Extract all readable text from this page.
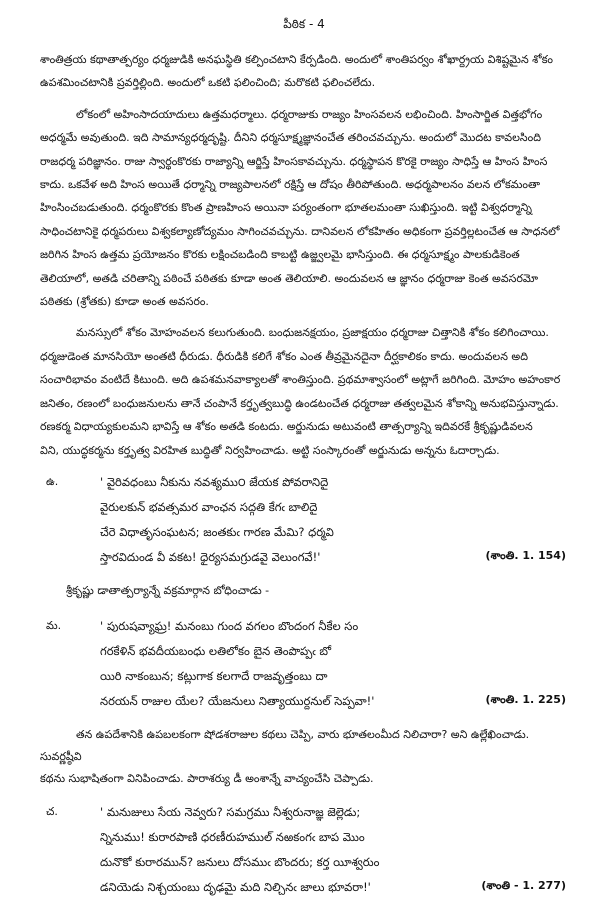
పీఠిక - 4
శాంతిత్రయ కథాతాత్పర్యం ధర్మజుడికి అనఘస్థితి కల్పించటాని కేర్పడింది. అందులో శాంతిపర్వం శోఖార్ద్రయ విశిష్టమైన శోకం
ఉపశమించటానికి ప్రవర్తిల్లింది. అందులో ఒకటి ఫలించింది; మరొకటి ఫలించలేదు.
లోకంలో అహింసాదయాదులు ఉత్తమధర్మాలు. ధర్మరాజుకు రాజ్యం హింసవలన లభించింది. హింసార్జిత విత్తభోగం
అధర్మమే అవుతుంది. ఇది సామాన్యధర్మదృష్టి. దీనిని ధర్మసూక్ష్మజ్ఞానంచేత తరించవచ్చును. అందులో మొదట కావలసింది
రాజధర్మ పరిజ్ఞానం. రాజు స్వార్థంకొరకు రాజ్యాన్ని ఆర్జిస్తే హింసకావచ్చును. ధర్మస్థాపన కొరకై రాజ్యం సాధిస్తే ఆ హింస హింస
కాదు. ఒకవేళ అది హింస అయితే ధర్మాన్ని రాజ్యపాలనలో రక్షిస్తే ఆ దోషం తీరిపోతుంది. అధర్మపాలనం వలన లోకమంతా
హింసించబడుతుంది. ధర్మంకొరకు కొంత ప్రాణహింస అయినా పర్యంతంగా భూతలమంతా సుఖిస్తుంది. ఇట్టి విశ్వధర్మాన్ని
సాధించటానికై ధర్మపరులు విశ్వకల్యాణోద్యమం సాగించవచ్చును. దానివలన లోకహితం అధికంగా ప్రవర్తిల్లటంచేత ఆ సాధనలో
జరిగిన హింస ఉత్తమ ప్రయోజనం కొరకు లక్షించబడింది కాబట్టి ఉజ్జ్వలమై భాసిస్తుంది. ఈ ధర్మసూక్ష్మం పాలకుడికెంత
తెలియాలో, అతడి చరితాన్ని పఠించే పఠితకు కూడా అంత తెలియాలి. అందువలన ఆ జ్ఞానం ధర్మరాజు కెంత అవసరమో
పఠితకు (శ్రోతకు) కూడా అంత అవసరం.
మనస్సులో శోకం మోహంవలన కలుగుతుంది. బంధుజనక్షయం, ప్రజాక్షయం ధర్మరాజు చిత్తానికి శోకం కలిగించాయి.
ధర్మజుడెంత మానసియో అంతటి ధీరుడు. ధీరుడికి కలిగే శోకం ఎంత తీవ్రమైనదైనా దీర్ఘకాలికం కాదు. అందువలన అది
సంచారిభావం వంటిదే కిటుంది. అది ఉపశమనవాక్యాలతో శాంతిస్తుంది. ప్రథమాశ్వాసంలో అట్లాగే జరిగింది. మోహం అహంకార
జనితం, రణంలో బంధుజనులను తానే చంపానే కర్తృత్వబుద్ధి ఉండటంచేత ధర్మరాజు తత్వలమైన శోకాన్ని అనుభవిస్తున్నాడు.
రణకర్మ విధాయ్యకులమని భావిస్తే ఆ శోకం అతడి కంటదు. అర్జునుడు అటువంటి తాత్పర్యాన్ని ఇదివరకే శ్రీకృష్ణుడివలన
విని, యుద్ధకర్మను కర్తృత్వ విరహిత బుద్ధితో నిర్వహించాడు. అట్టి సంస్కారంతో అర్జునుడు అన్నను ఓదార్చాడు.
ఉ.	' వైరివధంబు నీకును నవశ్యము౦ జేయక పోవరానిదై
వైరులకున్ భవత్సమర వాంఛన సద్గతి కేగఁ బాలిదై
చేరె విధాతృసంఘటన; జంతకుఁ గారణ మేమి? ధర్మవి
స్తారవిదుండ వీ వకట! ధైర్యసమగ్రుడవై వెలుంగవే!'	(శాంతి. 1. 154)
శ్రీకృష్ణు డాతాత్పర్యాన్నే వక్రమార్గాన బోధించాడు -
మ.	' పురుషవ్యాఘ్ర! మనంబు గుంద వగలం బొందంగ నీకేల సం
గరకేళిన్ భవదీయబంధు లతిలోకం బైన తెంపొప్పఁ బో
యిరి నాకంబున; కట్లుగాక కలగాదే రాజవృత్తంబు దా
నరయన్ రాజుల యేల? యేజనులు నిత్యాయుర్దనుల్ సెప్పవా!'	(శాంతి. 1. 225)
తన ఉపదేశానికి ఉపబలకంగా షోడశరాజుల కథలు చెప్పి, వారు భూతలంమీద నిలిచారా? అని ఉల్లేఖించాడు. సువర్ణష్ఠీవి
కథను సుభాషితంగా వినిపించాడు. పారాశర్యు డీ అంశాన్నే వాచ్యంచేసి చెప్పాడు.
చ.	' మనుజులు సేయ నెవ్వరు? సమగ్రము నీశ్వరునాజ్ఞ జెల్లెడు;
న్నినుము! కురారపాణి ధరణీరుహముల్ నఱకంగఁ బాప మొం
దునొకో కురారమున్? జనులు దోసముఁ బొందరు; కర్త యీశ్వరుం
డనియెడు నిశ్చయంబు దృఢమై మది నిల్చినఁ జాలు భూవరా!'	(శాంతి - 1. 277)
